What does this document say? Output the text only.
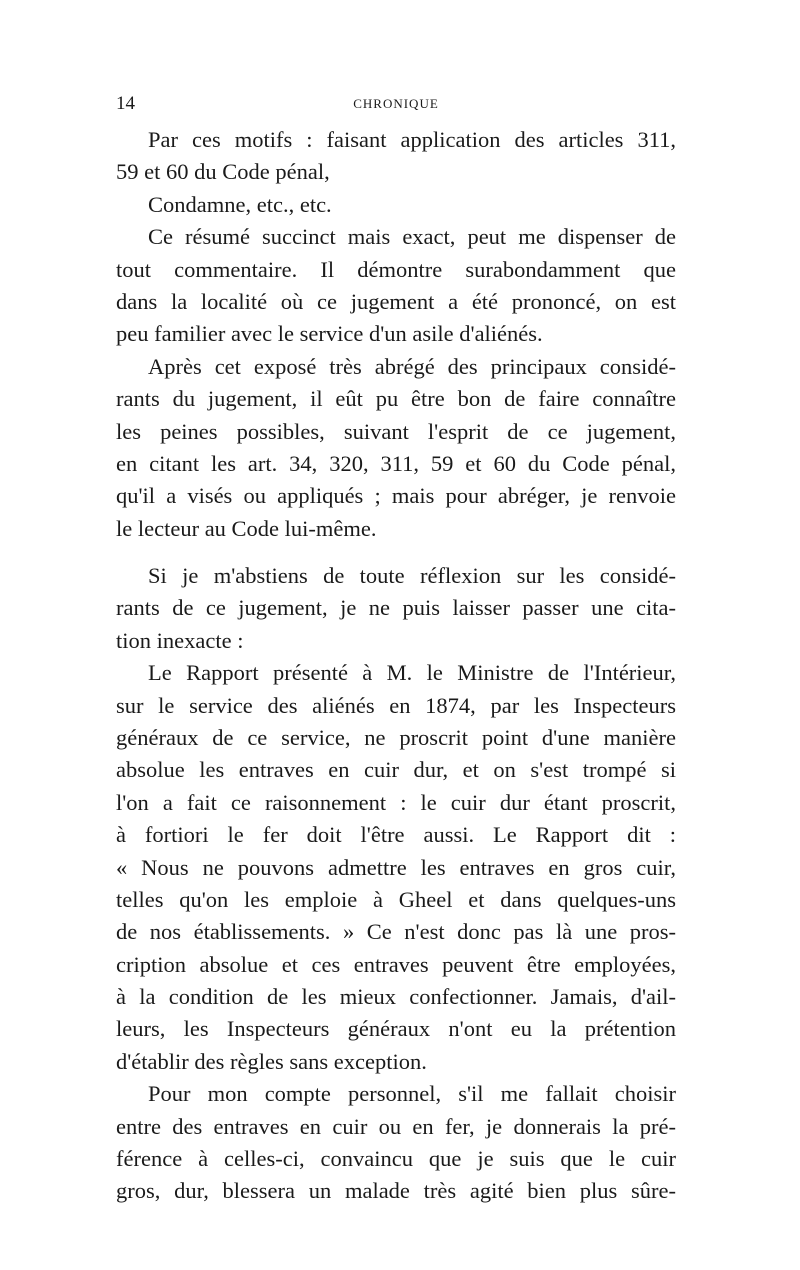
14	CHRONIQUE
Par ces motifs : faisant application des articles 311,
59 et 60 du Code pénal,
Condamne, etc., etc.
Ce résumé succinct mais exact, peut me dispenser de
tout commentaire. Il démontre surabondamment que
dans la localité où ce jugement a été prononcé, on est
peu familier avec le service d'un asile d'aliénés.
Après cet exposé très abrégé des principaux considé-
rants du jugement, il eût pu être bon de faire connaître
les peines possibles, suivant l'esprit de ce jugement,
en citant les art. 34, 320, 311, 59 et 60 du Code pénal,
qu'il a visés ou appliqués ; mais pour abréger, je renvoie
le lecteur au Code lui-même.
Si je m'abstiens de toute réflexion sur les considé-
rants de ce jugement, je ne puis laisser passer une cita-
tion inexacte :
Le Rapport présenté à M. le Ministre de l'Intérieur,
sur le service des aliénés en 1874, par les Inspecteurs
généraux de ce service, ne proscrit point d'une manière
absolue les entraves en cuir dur, et on s'est trompé si
l'on a fait ce raisonnement : le cuir dur étant proscrit,
à fortiori le fer doit l'être aussi. Le Rapport dit :
« Nous ne pouvons admettre les entraves en gros cuir,
telles qu'on les emploie à Gheel et dans quelques-uns
de nos établissements. » Ce n'est donc pas là une pros-
cription absolue et ces entraves peuvent être employées,
à la condition de les mieux confectionner. Jamais, d'ail-
leurs, les Inspecteurs généraux n'ont eu la prétention
d'établir des règles sans exception.
Pour mon compte personnel, s'il me fallait choisir
entre des entraves en cuir ou en fer, je donnerais la pré-
férence à celles-ci, convaincu que je suis que le cuir
gros, dur, blessera un malade très agité bien plus sûre-
